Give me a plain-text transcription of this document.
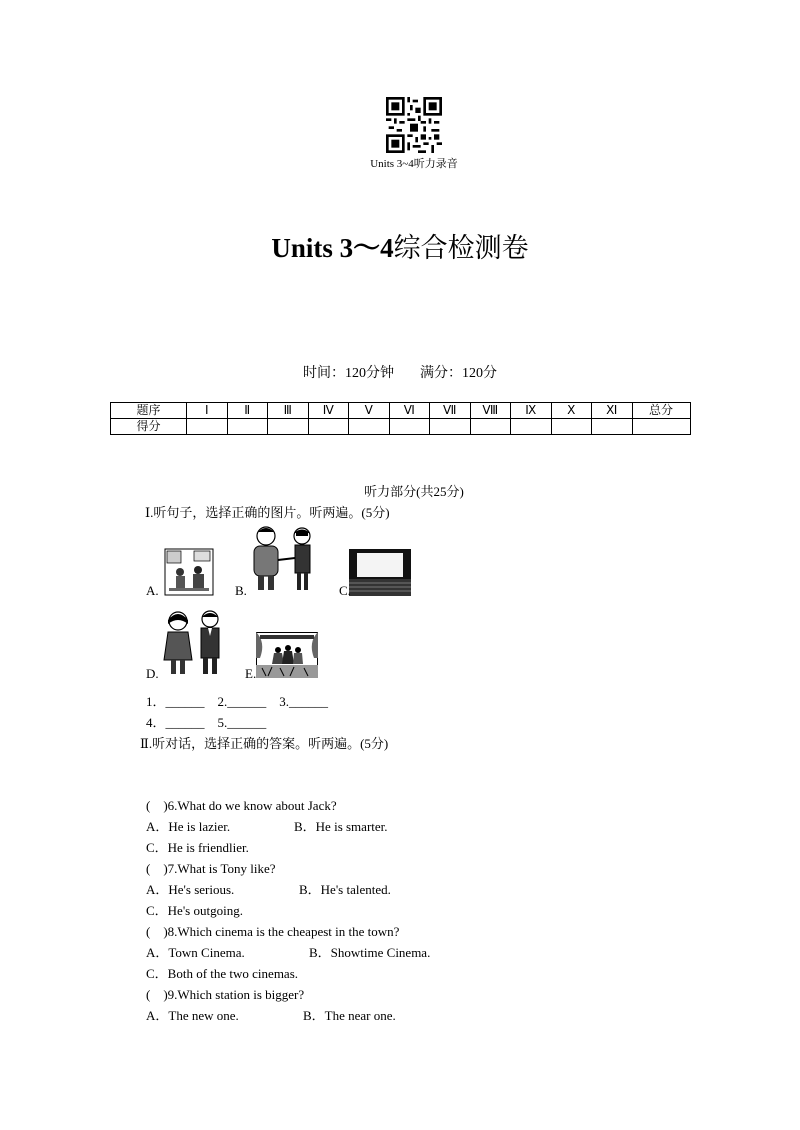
Units 3~4听力录音
Units 3～4综合检测卷
时间：120分钟 满分：120分
题序	Ⅰ	Ⅱ	Ⅲ	Ⅳ	Ⅴ	Ⅵ	Ⅶ	Ⅷ	Ⅸ	Ⅹ	Ⅺ	总分
得分												
听力部分(共25分)
Ⅰ.听句子，选择正确的图片。听两遍。(5分)
A.	B.	C.
D.	E.
1．______　2.______　3.______
4．______　5.______
Ⅱ.听对话，选择正确的答案。听两遍。(5分)
(　)6.What do we know about Jack?
A．He is lazier.	B．He is smarter.
C．He is friendlier.
(　)7.What is Tony like?
A．He's serious.	B．He's talented.
C．He's outgoing.
(　)8.Which cinema is the cheapest in the town?
A．Town Cinema.	B．Showtime Cinema.
C．Both of the two cinemas.
(　)9.Which station is bigger?
A．The new one.	B．The near one.
